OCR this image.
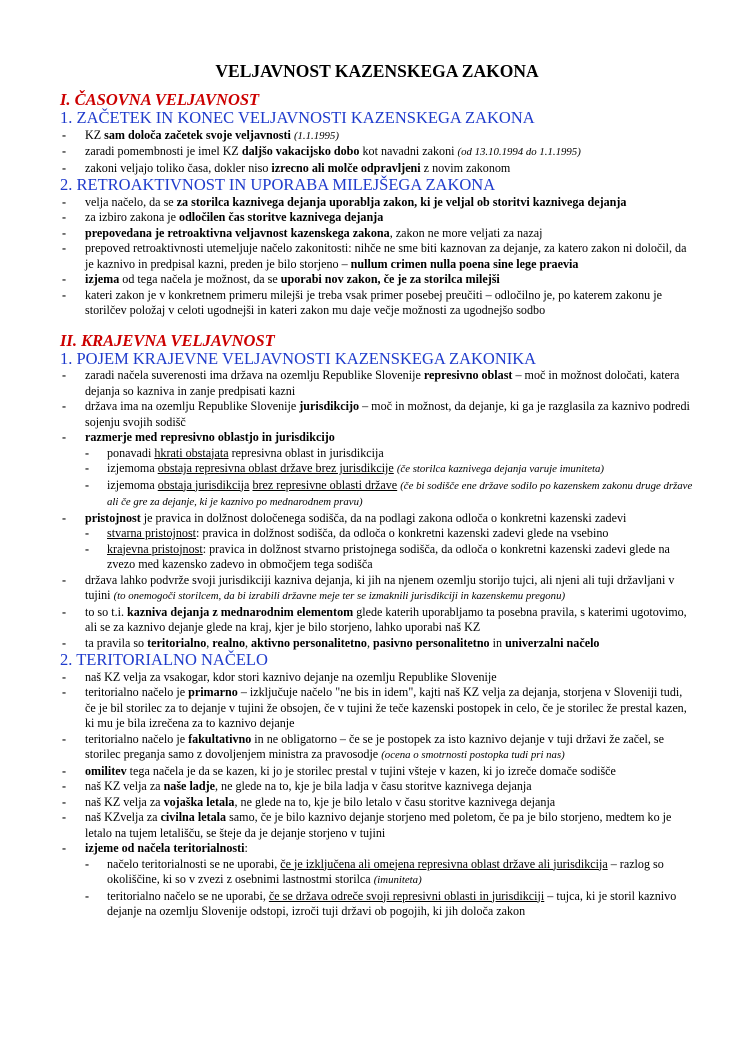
VELJAVNOST KAZENSKEGA ZAKONA
I. ČASOVNA VELJAVNOST
1. ZAČETEK IN KONEC VELJAVNOSTI KAZENSKEGA ZAKONA
- KZ sam določa začetek svoje veljavnosti (1.1.1995)
- zaradi pomembnosti je imel KZ daljšo vakacijsko dobo kot navadni zakoni (od 13.10.1994 do 1.1.1995)
- zakoni veljajo toliko časa, dokler niso izrecno ali molče odpravljeni z novim zakonom
2. RETROAKTIVNOST IN UPORABA MILEJŠEGA ZAKONA
- velja načelo, da se za storilca kaznivega dejanja uporablja zakon, ki je veljal ob storitvi kaznivega dejanja
- za izbiro zakona je odločilen čas storitve kaznivega dejanja
- prepovedana je retroaktivna veljavnost kazenskega zakona, zakon ne more veljati za nazaj
- prepoved retroaktivnosti utemeljuje načelo zakonitosti: nihče ne sme biti kaznovan za dejanje, za katero zakon ni določil, da je kaznivo in predpisal kazni, preden je bilo storjeno – nullum crimen nulla poena sine lege praevia
- izjema od tega načela je možnost, da se uporabi nov zakon, če je za storilca milejši
- kateri zakon je v konkretnem primeru milejši je treba vsak primer posebej preučiti – odločilno je, po katerem zakonu je storilčev položaj v celoti ugodnejši in kateri zakon mu daje večje možnosti za ugodnejšo sodbo
II. KRAJEVNA VELJAVNOST
1. POJEM KRAJEVNE VELJAVNOSTI KAZENSKEGA ZAKONIKA
- zaradi načela suverenosti ima država na ozemlju Republike Slovenije represivno oblast – moč in možnost določati, katera dejanja so kazniva in zanje predpisati kazni
- država ima na ozemlju Republike Slovenije jurisdikcijo – moč in možnost, da dejanje, ki ga je razglasila za kaznivo podredi sojenju svojih sodišč
- razmerje med represivno oblastjo in jurisdikcijo
- ponavadi hkrati obstajata represivna oblast in jurisdikcija
- izjemoma obstaja represivna oblast države brez jurisdikcije (če storilca kaznivega dejanja varuje imuniteta)
- izjemoma obstaja jurisdikcija brez represivne oblasti države (če bi sodišče ene države sodilo po kazenskem zakonu druge države ali če gre za dejanje, ki je kaznivo po mednarodnem pravu)
- pristojnost je pravica in dolžnost določenega sodišča, da na podlagi zakona odloča o konkretni kazenski zadevi
- stvarna pristojnost: pravica in dolžnost sodišča, da odloča o konkretni kazenski zadevi glede na vsebino
- krajevna pristojnost: pravica in dolžnost stvarno pristojnega sodišča, da odloča o konkretni kazenski zadevi glede na zvezo med kazensko zadevo in območjem tega sodišča
- država lahko podvrže svoji jurisdikciji kazniva dejanja, ki jih na njenem ozemlju storijo tujci, ali njeni ali tuji državljani v tujini (to onemogoči storilcem, da bi izrabili državne meje ter se izmaknili jurisdikciji in kazenskemu pregonu)
- to so t.i. kazniva dejanja z mednarodnim elementom glede katerih uporabljamo ta posebna pravila, s katerimi ugotovimo, ali se za kaznivo dejanje glede na kraj, kjer je bilo storjeno, lahko uporabi naš KZ
- ta pravila so teritorialno, realno, aktivno personalitetno, pasivno personalitetno in univerzalni načelo
2. TERITORIALNO NAČELO
- naš KZ velja za vsakogar, kdor stori kaznivo dejanje na ozemlju Republike Slovenije
- teritorialno načelo je primarno – izključuje načelo "ne bis in idem", kajti naš KZ velja za dejanja, storjena v Sloveniji tudi, če je bil storilec za to dejanje v tujini že obsojen, če v tujini že teče kazenski postopek in celo, če je storilec že prestal kazen, ki mu je bila izrečena za to kaznivo dejanje
- teritorialno načelo je fakultativno in ne obligatorno – če se je postopek za isto kaznivo dejanje v tuji državi že začel, se storilec preganja samo z dovoljenjem ministra za pravosodje (ocena o smotrnosti postopka tudi pri nas)
- omilitev tega načela je da se kazen, ki jo je storilec prestal v tujini všteje v kazen, ki jo izreče domače sodišče
- naš KZ velja za naše ladje, ne glede na to, kje je bila ladja v času storitve kaznivega dejanja
- naš KZ velja za vojaška letala, ne glede na to, kje je bilo letalo v času storitve kaznivega dejanja
- naš KZvelja za civilna letala samo, če je bilo kaznivo dejanje storjeno med poletom, če pa je bilo storjeno, medtem ko je letalo na tujem letališču, se šteje da je dejanje storjeno v tujini
- izjeme od načela teritorialnosti:
- načelo teritorialnosti se ne uporabi, če je izključena ali omejena represivna oblast države ali jurisdikcija – razlog so okoliščine, ki so v zvezi z osebnimi lastnostmi storilca (imuniteta)
- teritorialno načelo se ne uporabi, če se država odreče svoji represivni oblasti in jurisdikciji – tujca, ki je storil kaznivo dejanje na ozemlju Slovenije odstopi, izroči tuji državi ob pogojih, ki jih določa zakon
